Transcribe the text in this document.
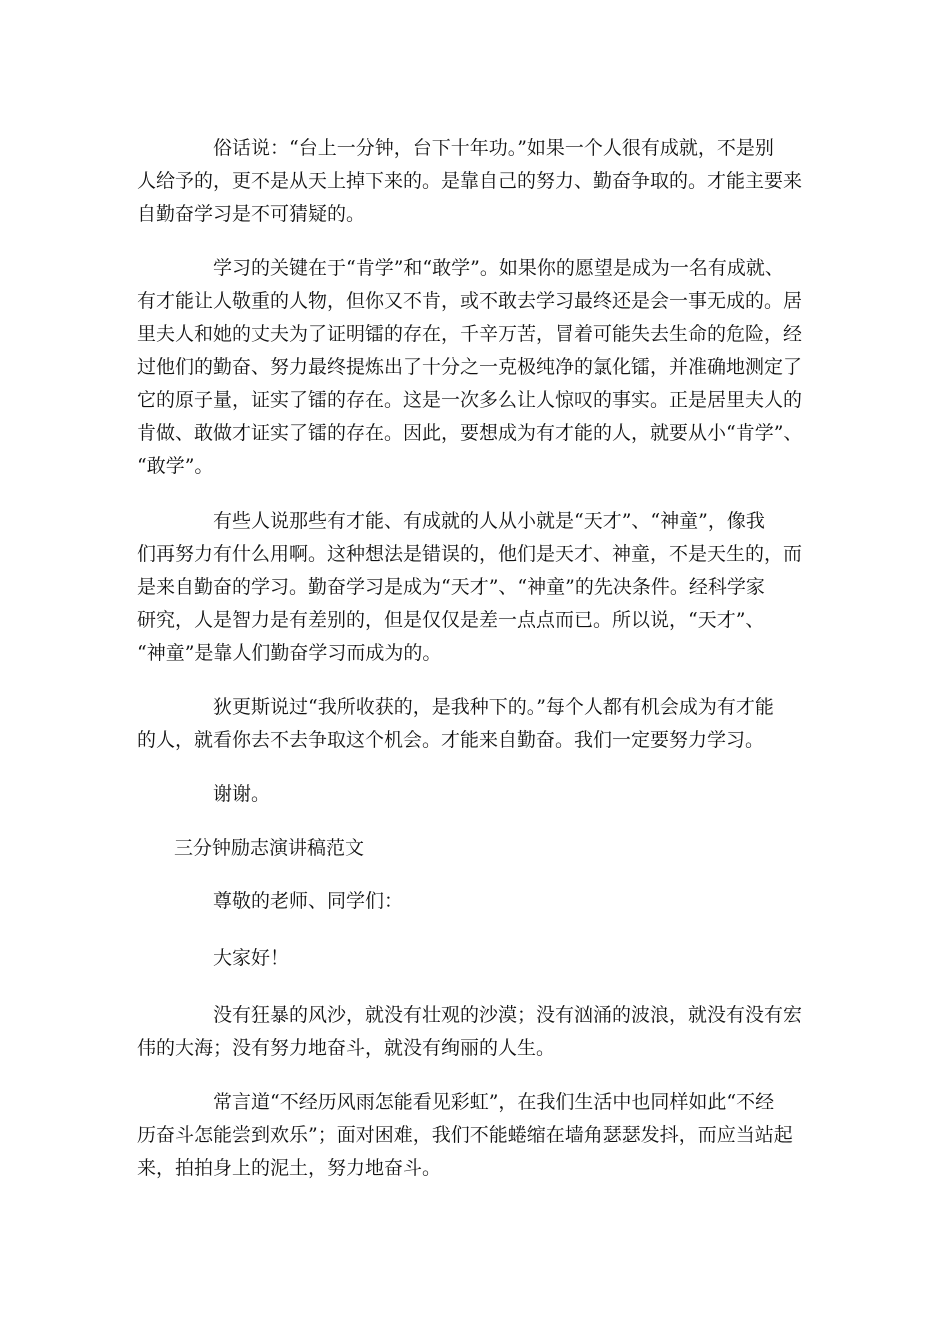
俗话说：“台上一分钟，台下十年功。”如果一个人很有成就，不是别
人给予的，更不是从天上掉下来的。是靠自己的努力、勤奋争取的。才能主要来
自勤奋学习是不可猜疑的。
学习的关键在于“肯学”和“敢学”。如果你的愿望是成为一名有成就、
有才能让人敬重的人物，但你又不肯，或不敢去学习最终还是会一事无成的。居
里夫人和她的丈夫为了证明镭的存在，千辛万苦，冒着可能失去生命的危险，经
过他们的勤奋、努力最终提炼出了十分之一克极纯净的氯化镭，并准确地测定了
它的原子量，证实了镭的存在。这是一次多么让人惊叹的事实。正是居里夫人的
肯做、敢做才证实了镭的存在。因此，要想成为有才能的人，就要从小“肯学”、
“敢学”。
有些人说那些有才能、有成就的人从小就是“天才”、“神童”，像我
们再努力有什么用啊。这种想法是错误的，他们是天才、神童，不是天生的，而
是来自勤奋的学习。勤奋学习是成为“天才”、“神童”的先决条件。经科学家
研究，人是智力是有差别的，但是仅仅是差一点点而已。所以说，“天才”、
“神童”是靠人们勤奋学习而成为的。
狄更斯说过“我所收获的，是我种下的。”每个人都有机会成为有才能
的人，就看你去不去争取这个机会。才能来自勤奋。我们一定要努力学习。
谢谢。
三分钟励志演讲稿范文
尊敬的老师、同学们：
大家好！
没有狂暴的风沙，就没有壮观的沙漠；没有汹涌的波浪，就没有没有宏
伟的大海；没有努力地奋斗，就没有绚丽的人生。
常言道“不经历风雨怎能看见彩虹”，在我们生活中也同样如此“不经
历奋斗怎能尝到欢乐”；面对困难，我们不能蜷缩在墙角瑟瑟发抖，而应当站起
来，拍拍身上的泥土，努力地奋斗。
